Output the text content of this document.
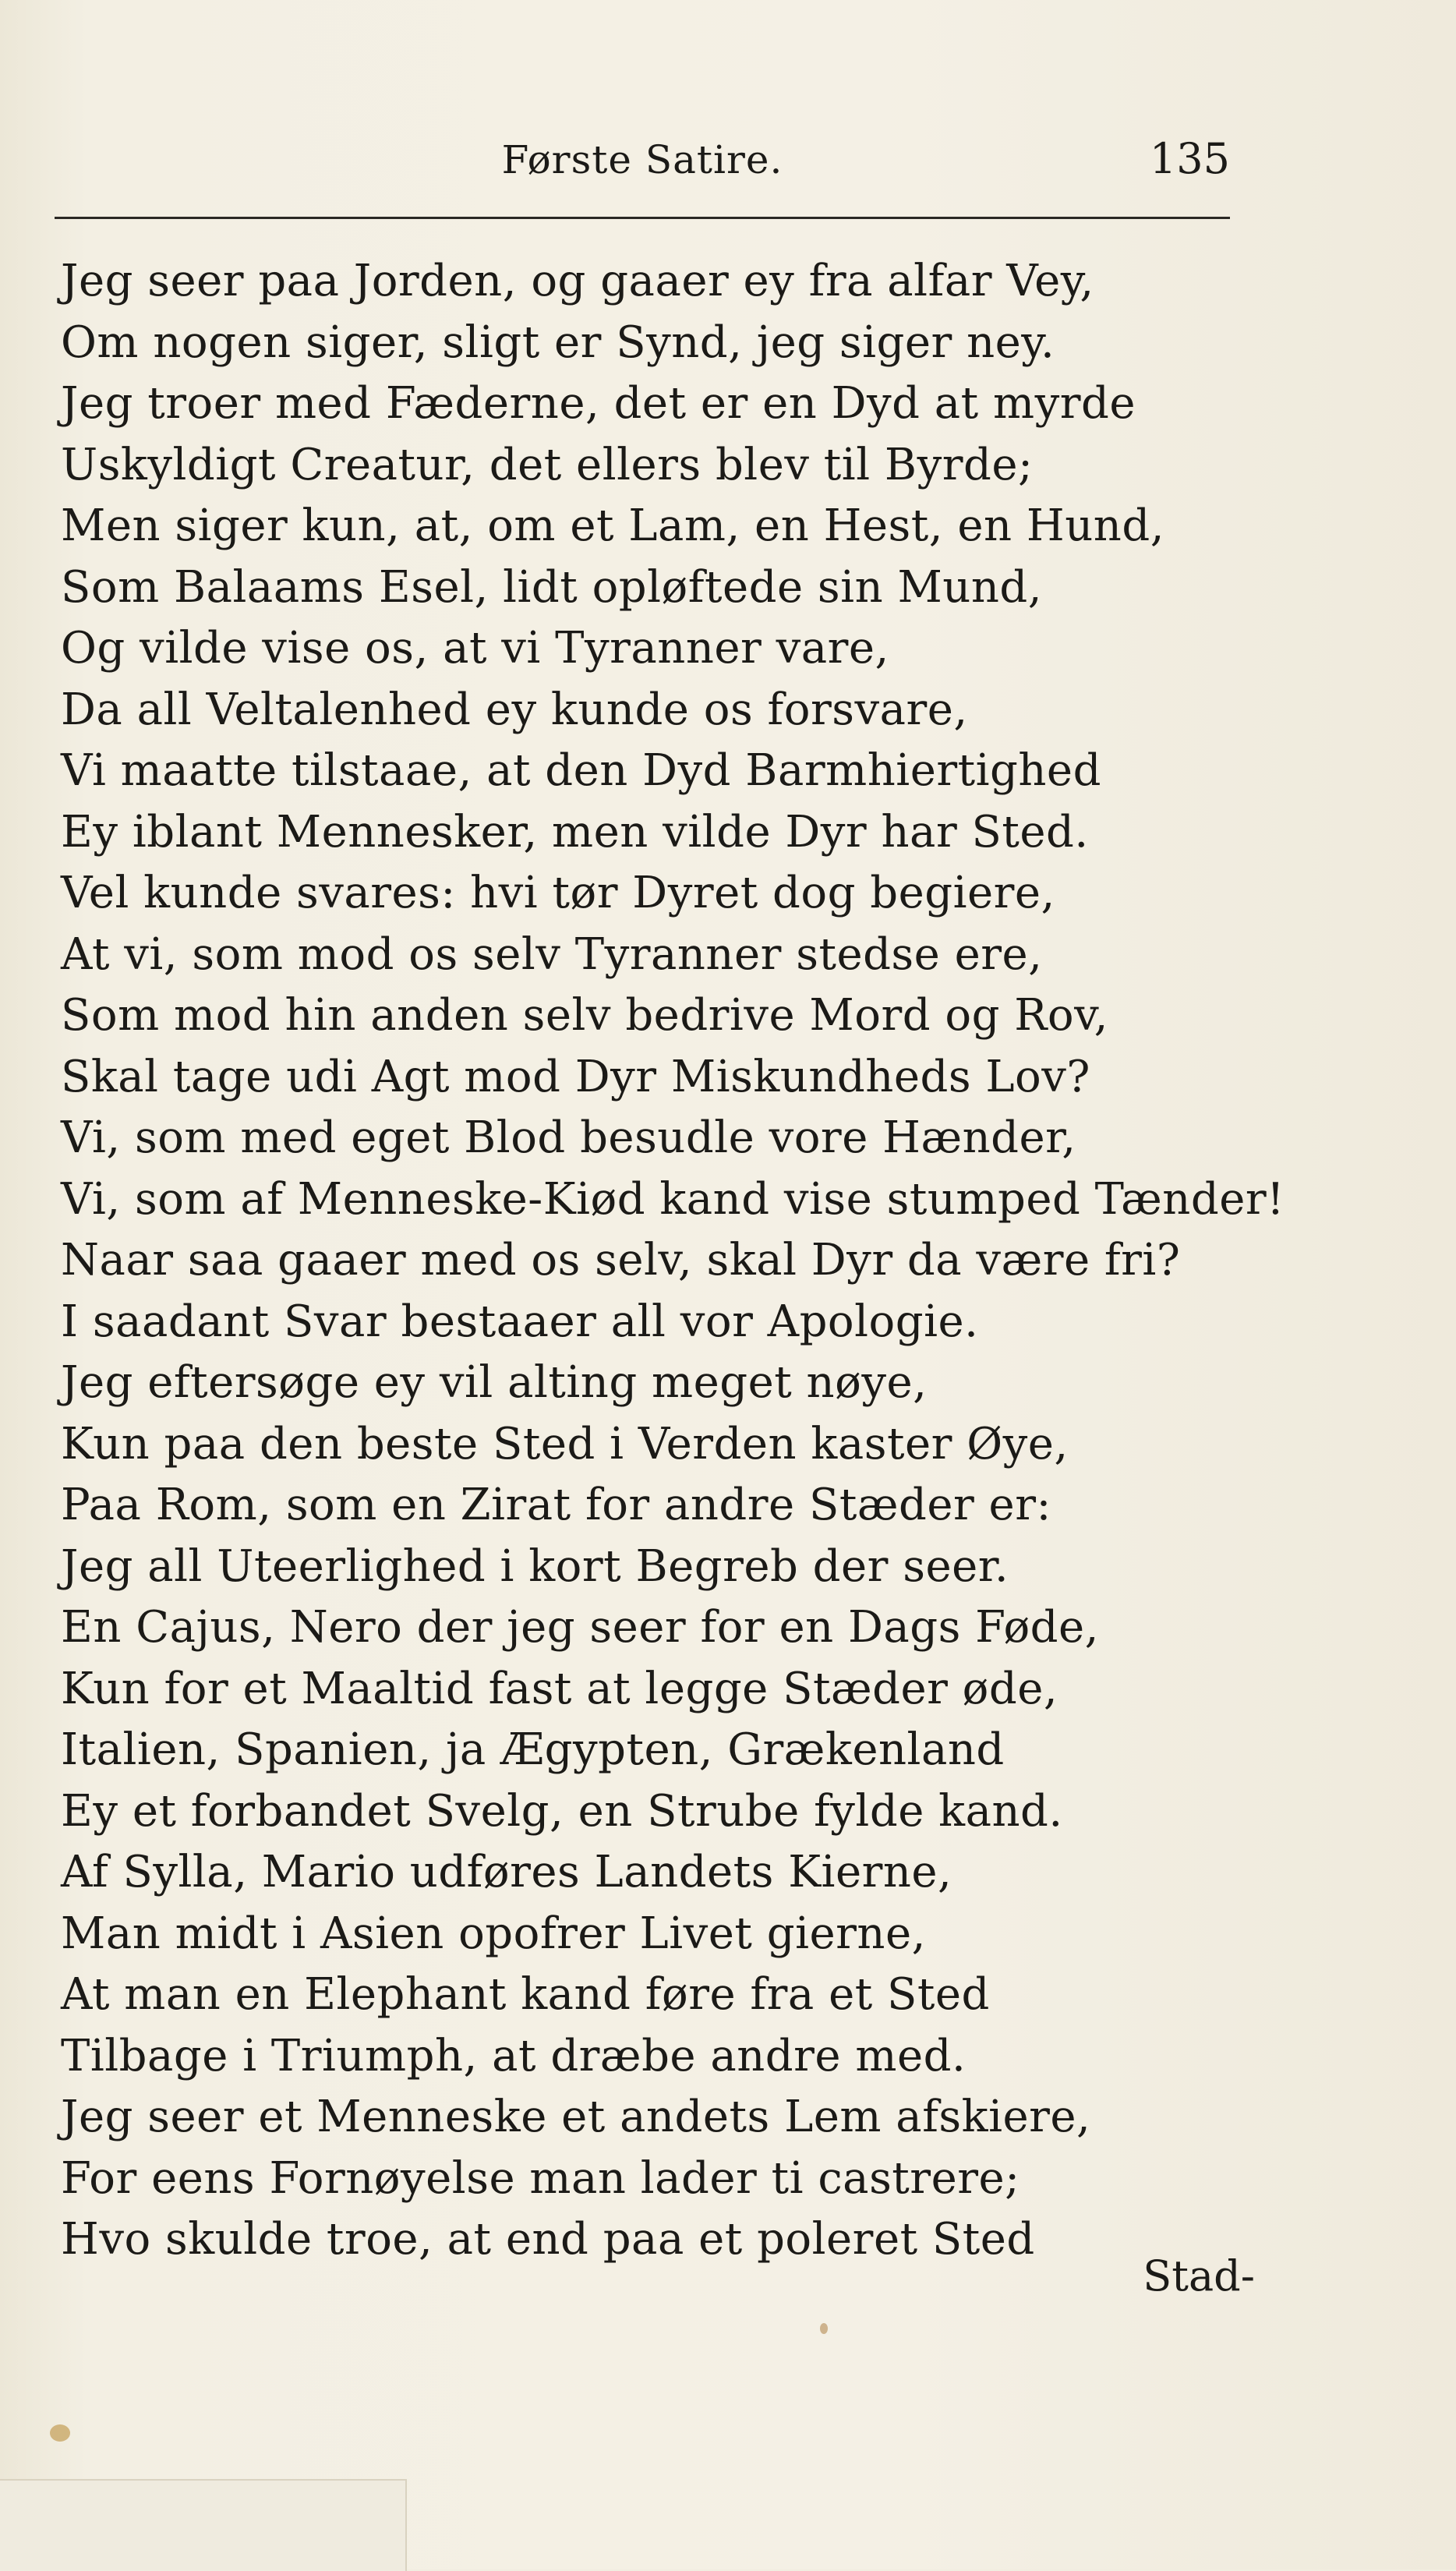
Første Satire.	135
Jeg seer paa Jorden, og gaaer ey fra alfar Vey,
Om nogen siger, sligt er Synd, jeg siger ney.
Jeg troer med Fæderne, det er en Dyd at myrde
Uskyldigt Creatur, det ellers blev til Byrde;
Men siger kun, at, om et Lam, en Hest, en Hund,
Som Balaams Esel, lidt opløftede sin Mund,
Og vilde vise os, at vi Tyranner vare,
Da all Veltalenhed ey kunde os forsvare,
Vi maatte tilstaae, at den Dyd Barmhiertighed
Ey iblant Mennesker, men vilde Dyr har Sted.
Vel kunde svares: hvi tør Dyret dog begiere,
At vi, som mod os selv Tyranner stedse ere,
Som mod hin anden selv bedrive Mord og Rov,
Skal tage udi Agt mod Dyr Miskundheds Lov?
Vi, som med eget Blod besudle vore Hænder,
Vi, som af Menneske-Kiød kand vise stumped Tænder!
Naar saa gaaer med os selv, skal Dyr da være fri?
I saadant Svar bestaaer all vor Apologie.
Jeg eftersøge ey vil alting meget nøye,
Kun paa den beste Sted i Verden kaster Øye,
Paa Rom, som en Zirat for andre Stæder er:
Jeg all Uteerlighed i kort Begreb der seer.
En Cajus, Nero der jeg seer for en Dags Føde,
Kun for et Maaltid fast at legge Stæder øde,
Italien, Spanien, ja Ægypten, Grækenland
Ey et forbandet Svelg, en Strube fylde kand.
Af Sylla, Mario udføres Landets Kierne,
Man midt i Asien opofrer Livet gierne,
At man en Elephant kand føre fra et Sted
Tilbage i Triumph, at dræbe andre med.
Jeg seer et Menneske et andets Lem afskiere,
For eens Fornøyelse man lader ti castrere;
Hvo skulde troe, at end paa et poleret Sted
Stad-
